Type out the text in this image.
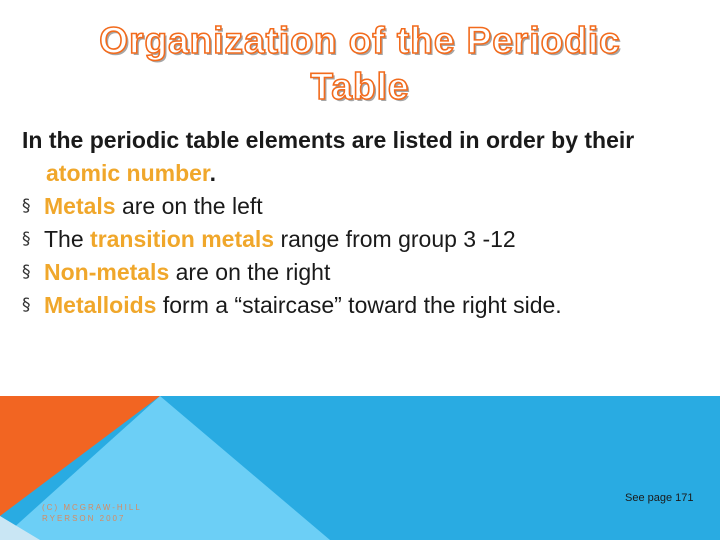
Organization of the Periodic
Table

In the periodic table elements are listed in order by their atomic number.

§ Metals are on the left
§ The transition metals range from group 3 -12
§ Non-metals are on the right
§ Metalloids form a “staircase” toward the right side.
(C) MCGRAW-HILL
RYERSON 2007
See page 171
